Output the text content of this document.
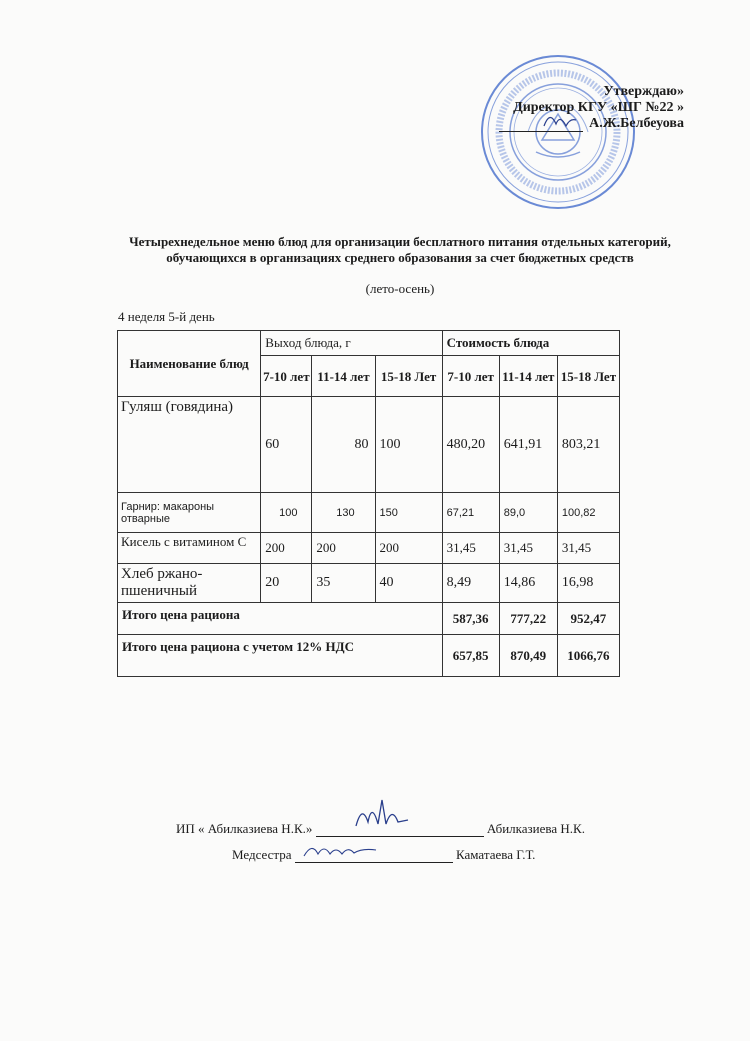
Утверждаю»
Директор КГУ «ШГ №22 »
А.Ж.Белбеуова
Четырехнедельное меню блюд для организации бесплатного питания отдельных категорий, обучающихся в организациях среднего образования за счет бюджетных средств
(лето-осень)
4 неделя 5-й день
Наименование блюд	Выход блюда, г			Стоимость блюда		
	7-10 лет	11-14 лет	15-18 Лет	7-10 лет	11-14 лет	15-18 Лет
Гуляш (говядина)	60	80	100	480,20	641,91	803,21
Гарнир: макароны отварные	100	130	150	67,21	89,0	100,82
Кисель с витамином С	200	200	200	31,45	31,45	31,45
Хлеб ржано-пшеничный	20	35	40	8,49	14,86	16,98
Итого цена рациона				587,36	777,22	952,47
Итого цена рациона с учетом 12% НДС				657,85	870,49	1066,76
ИП « Абилказиева Н.К.»	Абилказиева Н.К.
Медсестра	Каматаева Г.Т.
